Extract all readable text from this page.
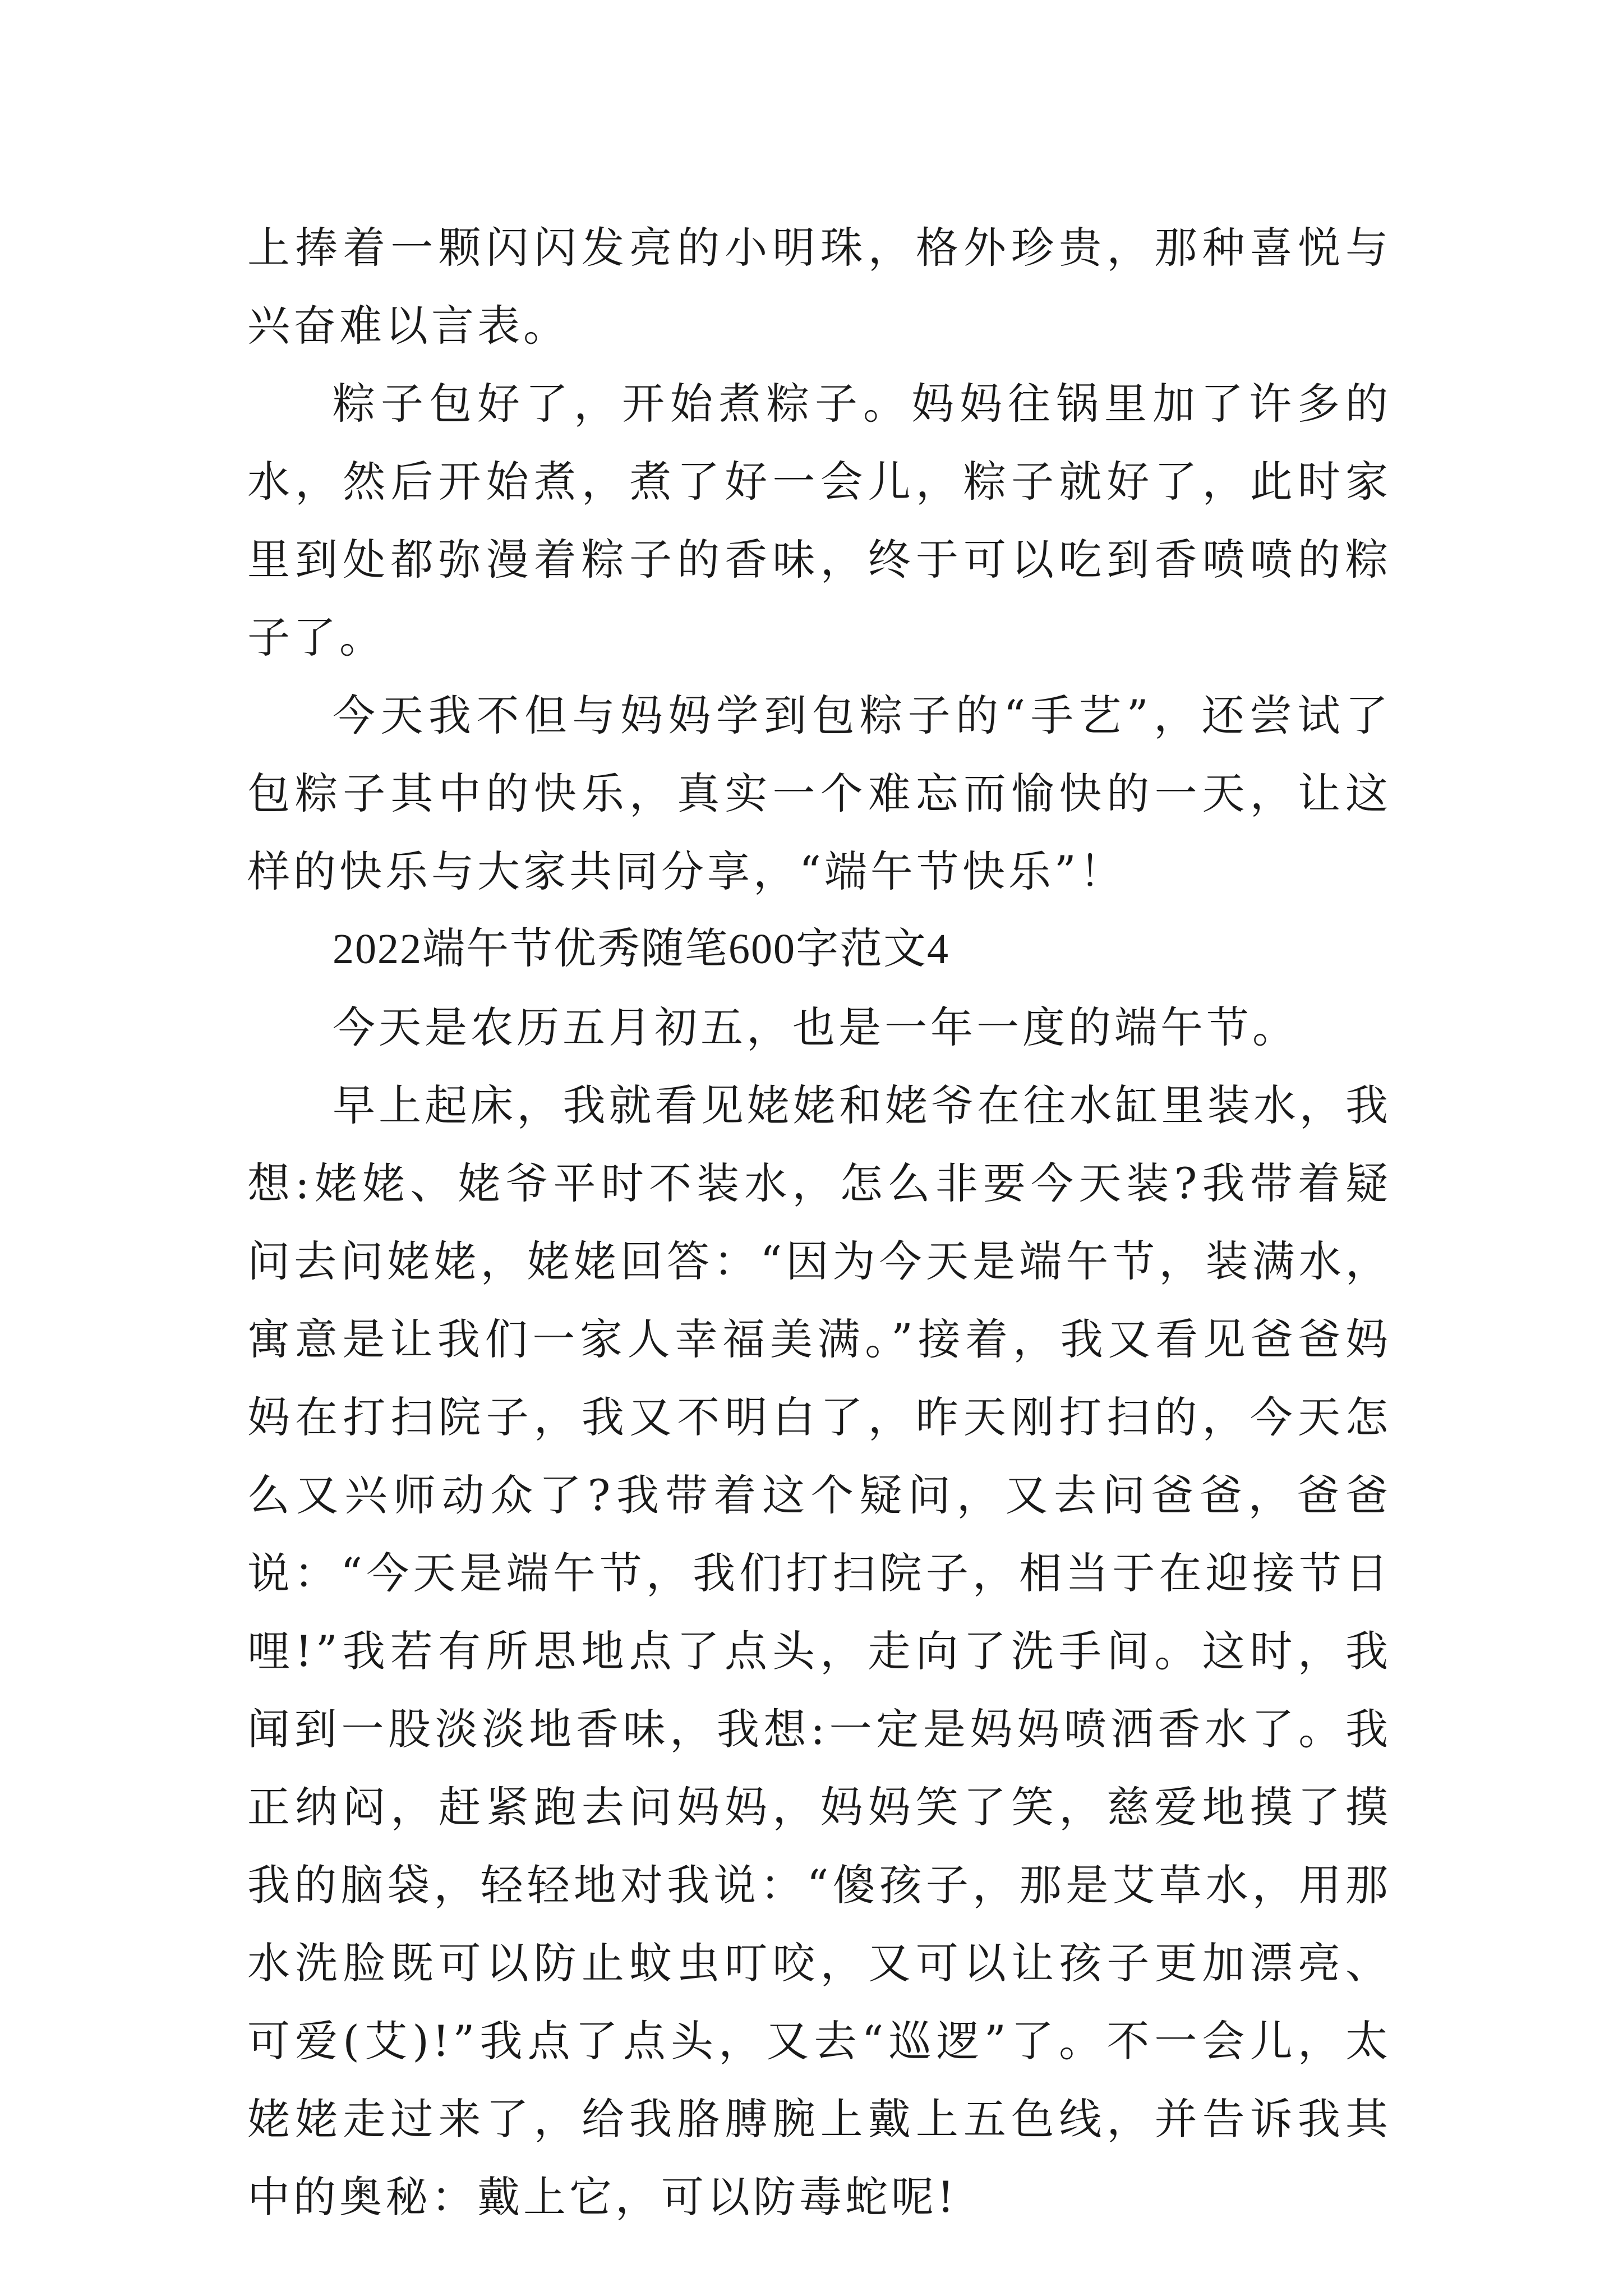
上捧着一颗闪闪发亮的小明珠，格外珍贵，那种喜悦与兴奋难以言表。

粽子包好了，开始煮粽子。妈妈往锅里加了许多的水，然后开始煮，煮了好一会儿，粽子就好了，此时家里到处都弥漫着粽子的香味，终于可以吃到香喷喷的粽子了。

今天我不但与妈妈学到包粽子的“手艺”，还尝试了包粽子其中的快乐，真实一个难忘而愉快的一天，让这样的快乐与大家共同分享，“端午节快乐”！

2022端午节优秀随笔600字范文4

今天是农历五月初五，也是一年一度的端午节。

早上起床，我就看见姥姥和姥爷在往水缸里装水，我想:姥姥、姥爷平时不装水，怎么非要今天装?我带着疑问去问姥姥，姥姥回答：“因为今天是端午节，装满水，寓意是让我们一家人幸福美满。”接着，我又看见爸爸妈妈在打扫院子，我又不明白了，昨天刚打扫的，今天怎么又兴师动众了?我带着这个疑问，又去问爸爸，爸爸说：“今天是端午节，我们打扫院子，相当于在迎接节日哩!”我若有所思地点了点头，走向了洗手间。这时，我闻到一股淡淡地香味，我想:一定是妈妈喷洒香水了。我正纳闷，赶紧跑去问妈妈，妈妈笑了笑，慈爱地摸了摸我的脑袋，轻轻地对我说：“傻孩子，那是艾草水，用那水洗脸既可以防止蚊虫叮咬，又可以让孩子更加漂亮、可爱(艾)!”我点了点头，又去“巡逻”了。不一会儿，太姥姥走过来了，给我胳膊腕上戴上五色线，并告诉我其中的奥秘：戴上它，可以防毒蛇呢!
